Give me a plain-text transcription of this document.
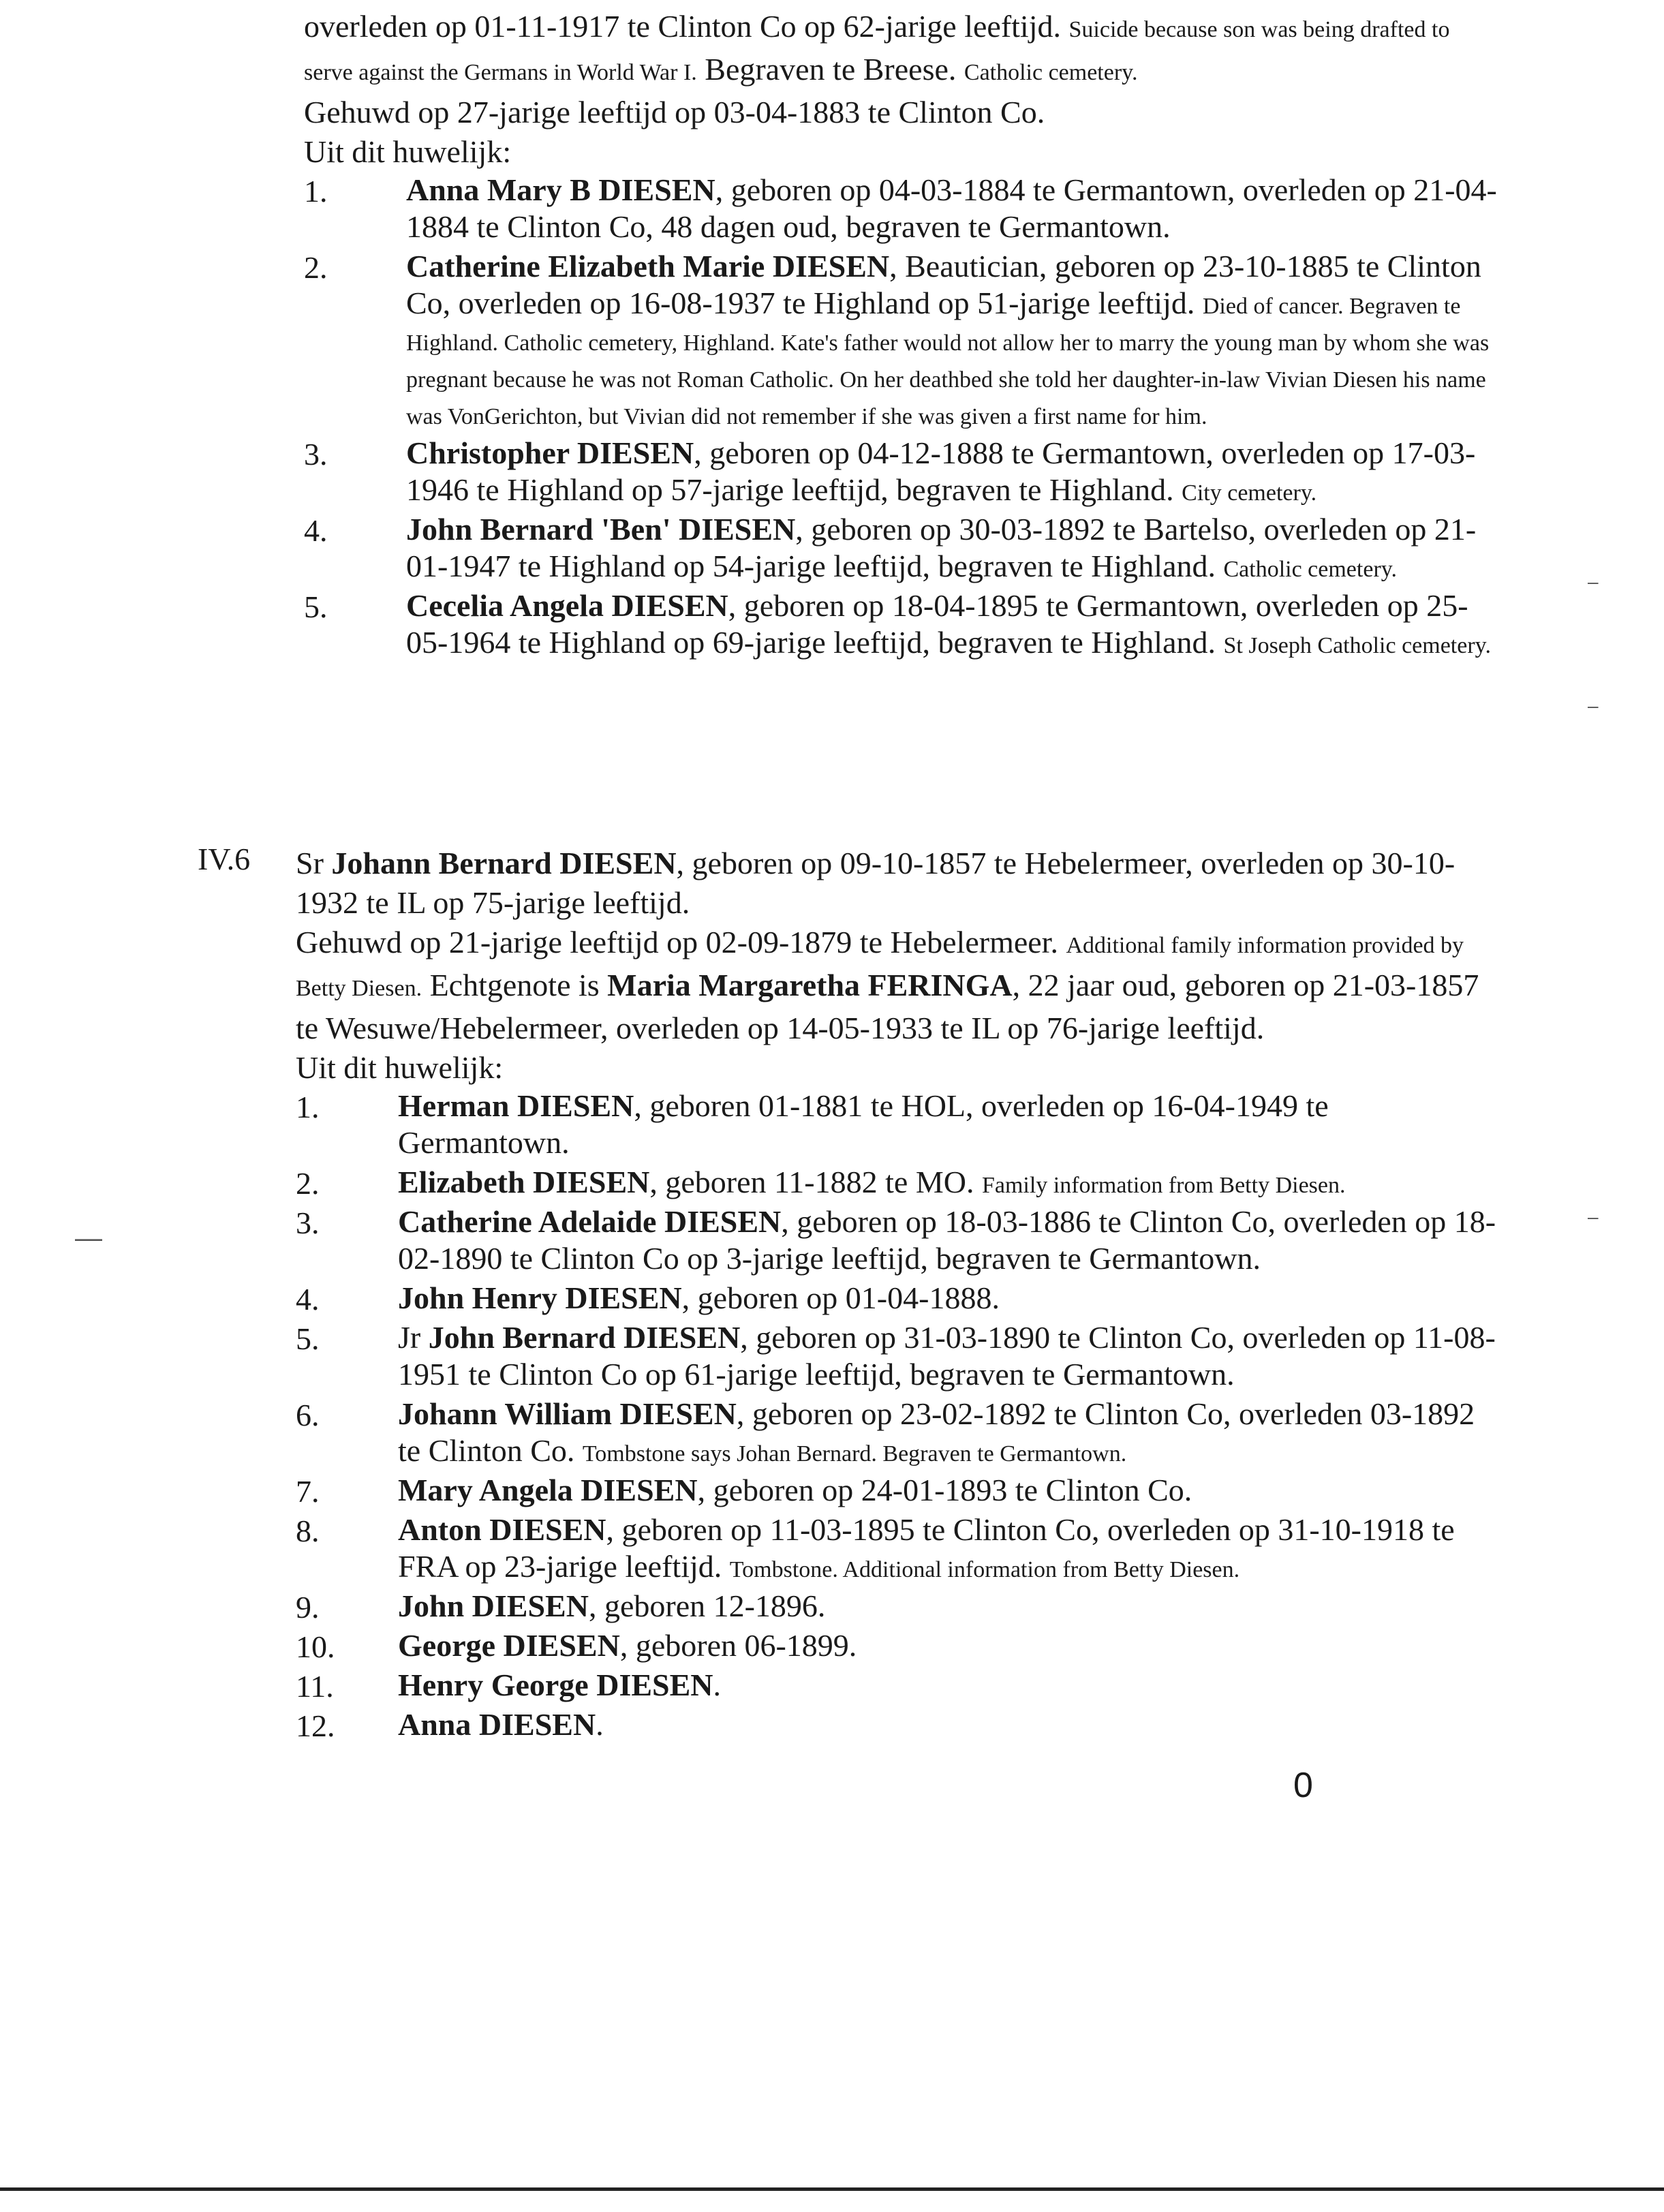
overleden op 01-11-1917 te Clinton Co op 62-jarige leeftijd. Suicide because son was being drafted to serve against the Germans in World War I. Begraven te Breese. Catholic cemetery.

Gehuwd op 27-jarige leeftijd op 03-04-1883 te Clinton Co.

Uit dit huwelijk:

1.	Anna Mary B DIESEN, geboren op 04-03-1884 te Germantown, overleden op 21-04-1884 te Clinton Co, 48 dagen oud, begraven te Germantown.
2.	Catherine Elizabeth Marie DIESEN, Beautician, geboren op 23-10-1885 te Clinton Co, overleden op 16-08-1937 te Highland op 51-jarige leeftijd. Died of cancer. Begraven te Highland. Catholic cemetery, Highland. Kate's father would not allow her to marry the young man by whom she was pregnant because he was not Roman Catholic. On her deathbed she told her daughter-in-law Vivian Diesen his name was VonGerichton, but Vivian did not remember if she was given a first name for him.
3.	Christopher DIESEN, geboren op 04-12-1888 te Germantown, overleden op 17-03-1946 te Highland op 57-jarige leeftijd, begraven te Highland. City cemetery.
4.	John Bernard 'Ben' DIESEN, geboren op 30-03-1892 te Bartelso, overleden op 21-01-1947 te Highland op 54-jarige leeftijd, begraven te Highland. Catholic cemetery.
5.	Cecelia Angela DIESEN, geboren op 18-04-1895 te Germantown, overleden op 25-05-1964 te Highland op 69-jarige leeftijd, begraven te Highland. St Joseph Catholic cemetery.
IV.6 Sr Johann Bernard DIESEN, geboren op 09-10-1857 te Hebelermeer, overleden op 30-10-1932 te IL op 75-jarige leeftijd.

Gehuwd op 21-jarige leeftijd op 02-09-1879 te Hebelermeer. Additional family information provided by Betty Diesen. Echtgenote is Maria Margaretha FERINGA, 22 jaar oud, geboren op 21-03-1857 te Wesuwe/Hebelermeer, overleden op 14-05-1933 te IL op 76-jarige leeftijd.

Uit dit huwelijk:

1.	Herman DIESEN, geboren 01-1881 te HOL, overleden op 16-04-1949 te Germantown.
2.	Elizabeth DIESEN, geboren 11-1882 te MO. Family information from Betty Diesen.
3.	Catherine Adelaide DIESEN, geboren op 18-03-1886 te Clinton Co, overleden op 18-02-1890 te Clinton Co op 3-jarige leeftijd, begraven te Germantown.
4.	John Henry DIESEN, geboren op 01-04-1888.
5.	Jr John Bernard DIESEN, geboren op 31-03-1890 te Clinton Co, overleden op 11-08-1951 te Clinton Co op 61-jarige leeftijd, begraven te Germantown.
6.	Johann William DIESEN, geboren op 23-02-1892 te Clinton Co, overleden 03-1892 te Clinton Co. Tombstone says Johan Bernard. Begraven te Germantown.
7.	Mary Angela DIESEN, geboren op 24-01-1893 te Clinton Co.
8.	Anton DIESEN, geboren op 11-03-1895 te Clinton Co, overleden op 31-10-1918 te FRA op 23-jarige leeftijd. Tombstone. Additional information from Betty Diesen.
9.	John DIESEN, geboren 12-1896.
10. George DIESEN, geboren 06-1899.
11. Henry George DIESEN.
12. Anna DIESEN.
0
–
–
–
—
